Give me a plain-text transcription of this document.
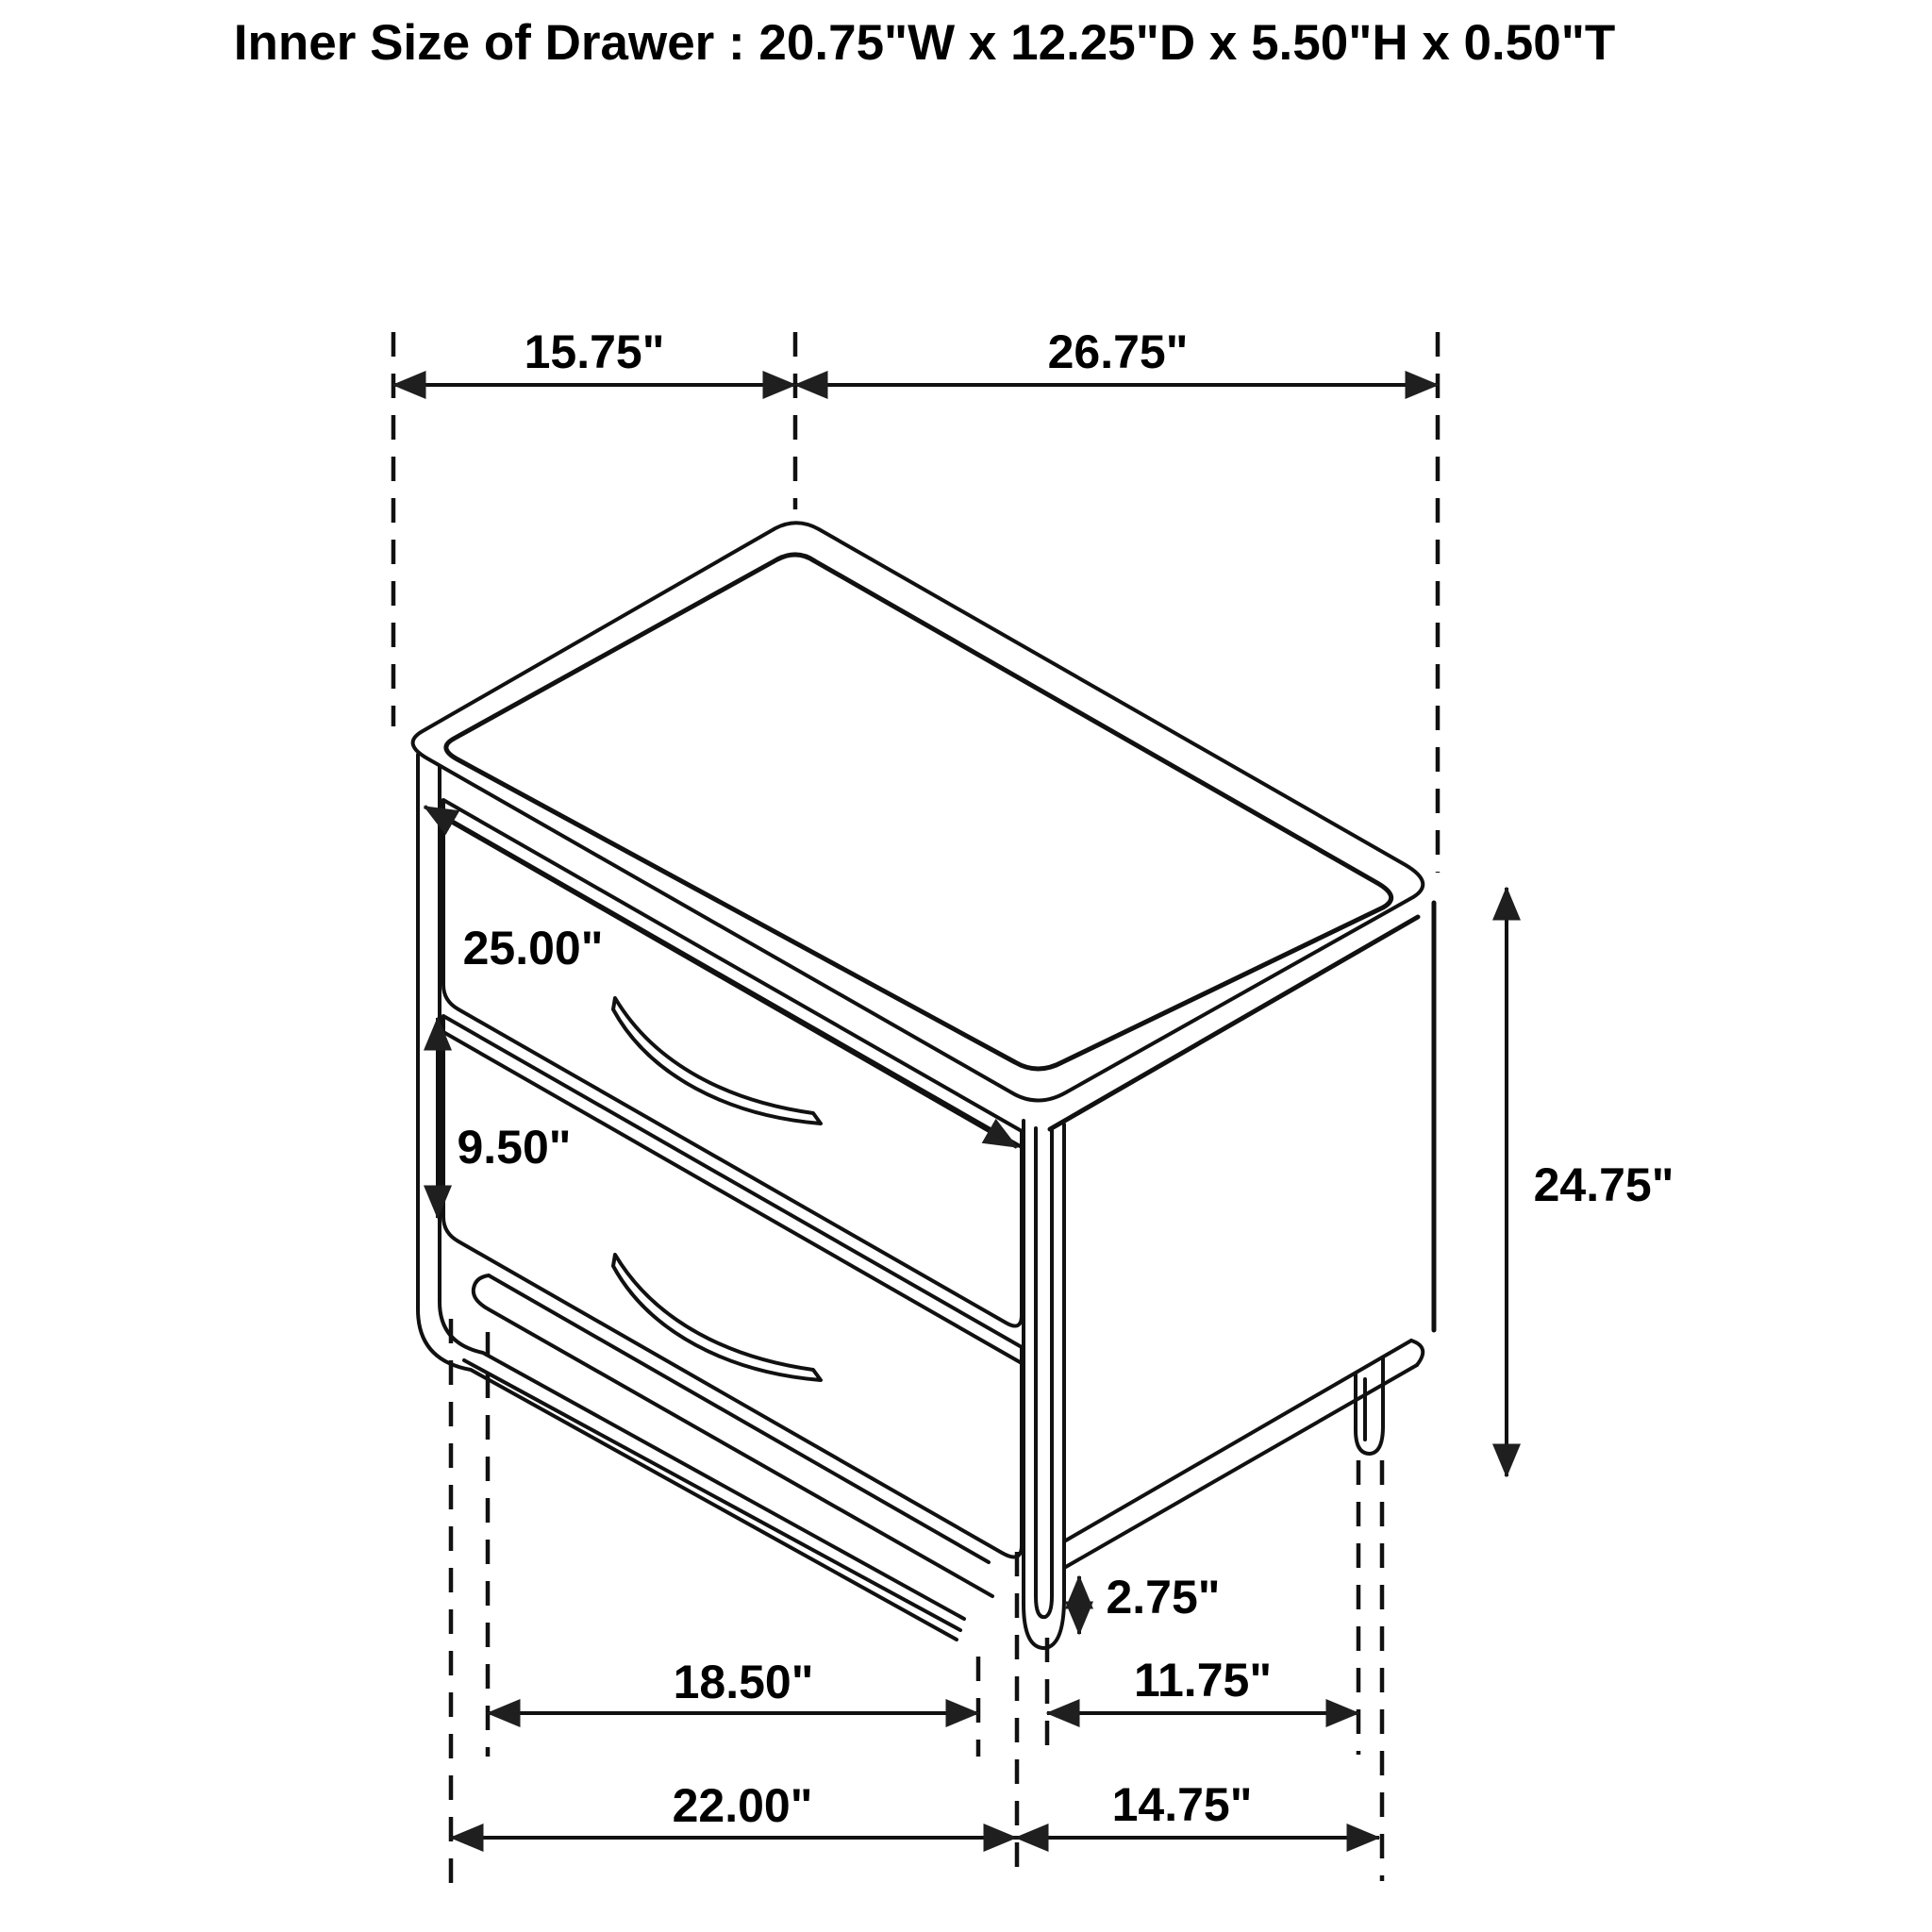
Inner Size of Drawer : 20.75"W x 12.25"D x 5.50"H x 0.50"T
15.75"	26.75"
25.00"
9.50"
24.75"
2.75"
18.50"	11.75"
22.00"	14.75"
